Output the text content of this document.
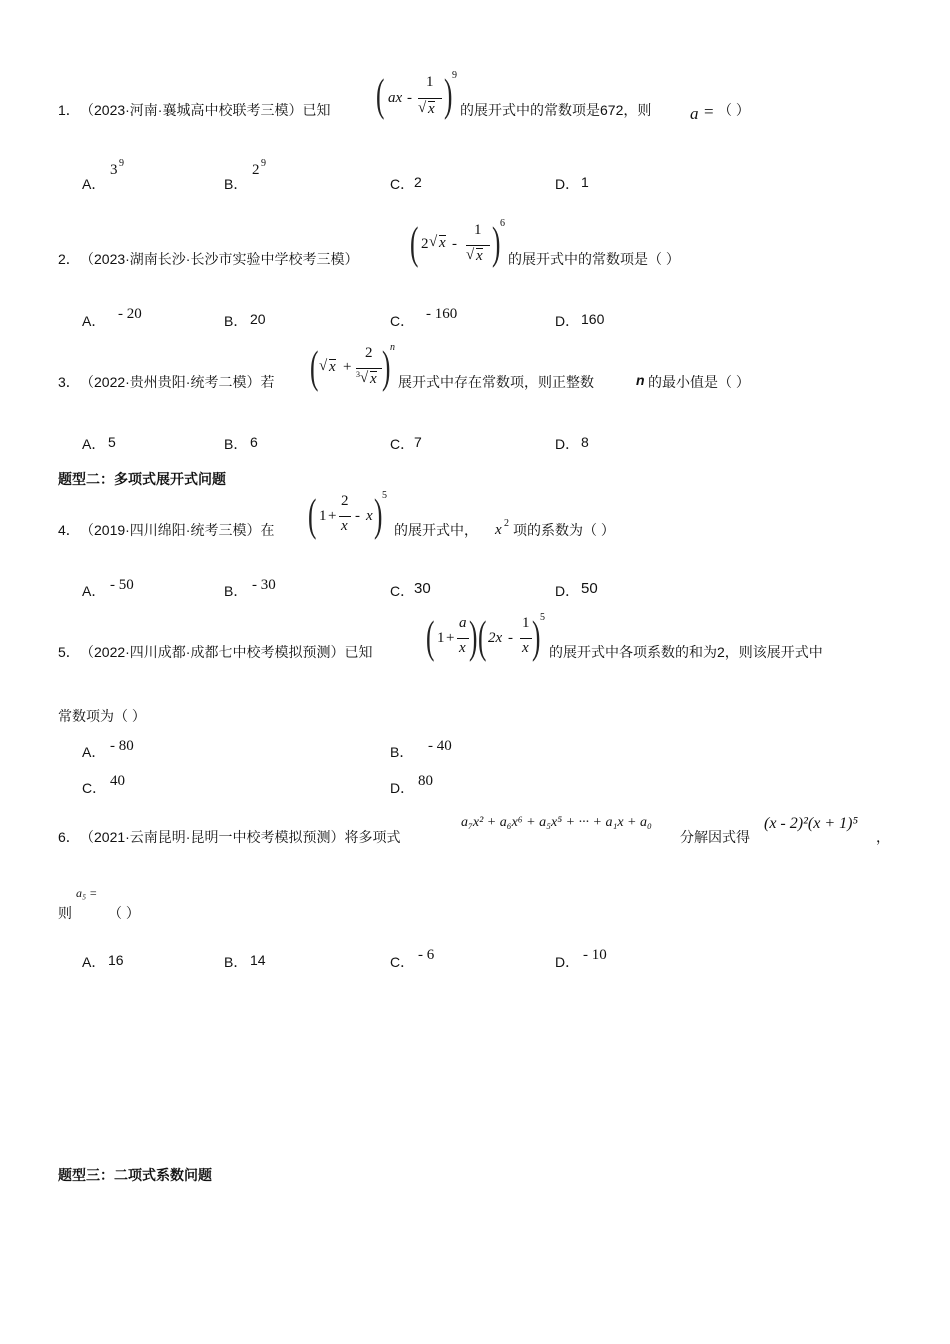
1． （2023·河南·襄城高中校联考三模）已知 ( ax -
1
√ x ) 9
的展开式中的常数项是672，则 a = （ ）
A．
3 9
B．
2 9
C． 2	D． 1
2． （2023·湖南长沙·长沙市实验中学校考三模） ( 2 √ x -
1
√ x ) 6
的展开式中的常数项是（ ）
A． - 20	B． 20	C． - 160	D． 160
3． （2022·贵州贵阳·统考二模）若 ( √ x +
2
3 √ x ) n
展开式中存在常数项，则正整数	n 的最小值是（ ）
A． 5	B． 6	C． 7	D． 8
题型二：多项式展开式问题
4． （2019·四川绵阳·统考三模）在 ( 1 +
2
x
- x ) 5
的展开式中， x 2 项的系数为（ ）
A． - 50	B． - 30	C． 30	D． 50
5． （2022·四川成都·成都七中校考模拟预测）已知 ( 1 +
a
x ) ( 2x -
1
x ) 5
的展开式中各项系数的和为2，则该展开式中
常数项为（ ）
A． - 80	B． - 40
C． 40	D． 80
6． （2021·云南昆明·昆明一中校考模拟预测）将多项式
a₇x² + a₆x⁶ + a₅x⁵ + ··· + a₁x + a₀
分解因式得
(x - 2)²(x + 1)⁵
，
则
a₅ =
（ ）
A． 16	B． 14	C． - 6	D． - 10
题型三：二项式系数问题
